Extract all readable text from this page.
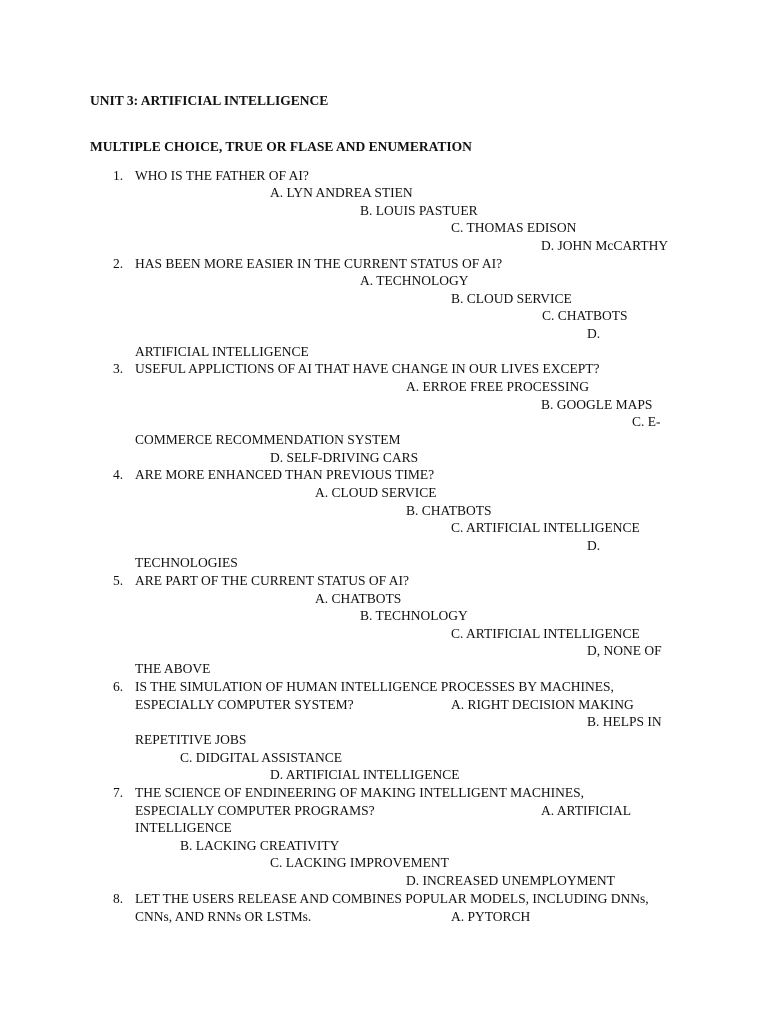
UNIT 3: ARTIFICIAL INTELLIGENCE
MULTIPLE CHOICE, TRUE OR FLASE AND ENUMERATION
1. WHO IS THE FATHER OF AI?
A. LYN ANDREA STIEN
B. LOUIS PASTUER
C. THOMAS EDISON
D. JOHN McCARTHY
2. HAS BEEN MORE EASIER IN THE CURRENT STATUS OF AI?
A. TECHNOLOGY
B. CLOUD SERVICE
C. CHATBOTS
D.
ARTIFICIAL INTELLIGENCE
3. USEFUL APPLICTIONS OF AI THAT HAVE CHANGE IN OUR LIVES EXCEPT?
A. ERROE FREE PROCESSING
B. GOOGLE MAPS
C. E-
COMMERCE RECOMMENDATION SYSTEM
D. SELF-DRIVING CARS
4. ARE MORE ENHANCED THAN PREVIOUS TIME?
A. CLOUD SERVICE
B. CHATBOTS
C. ARTIFICIAL INTELLIGENCE
D.
TECHNOLOGIES
5. ARE PART OF THE CURRENT STATUS OF AI?
A. CHATBOTS
B. TECHNOLOGY
C. ARTIFICIAL INTELLIGENCE
D, NONE OF
THE ABOVE
6. IS THE SIMULATION OF HUMAN INTELLIGENCE PROCESSES BY MACHINES,
ESPECIALLY COMPUTER SYSTEM?	A. RIGHT DECISION MAKING
B. HELPS IN
REPETITIVE JOBS
C. DIDGITAL ASSISTANCE
D. ARTIFICIAL INTELLIGENCE
7. THE SCIENCE OF ENDINEERING OF MAKING INTELLIGENT MACHINES,
ESPECIALLY COMPUTER PROGRAMS?	A. ARTIFICIAL
INTELLIGENCE
B. LACKING CREATIVITY
C. LACKING IMPROVEMENT
D. INCREASED UNEMPLOYMENT
8. LET THE USERS RELEASE AND COMBINES POPULAR MODELS, INCLUDING DNNs,
CNNs, AND RNNs OR LSTMs.	A. PYTORCH
